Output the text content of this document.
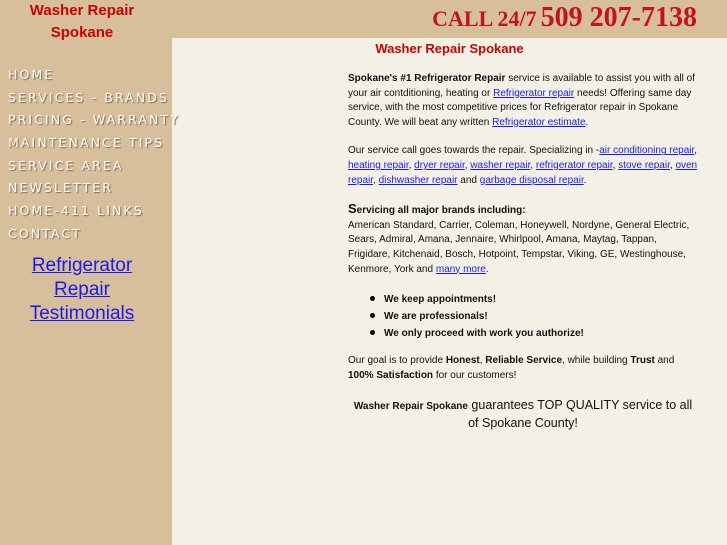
Washer Repair
Spokane
CALL 24/7 509 207-7138
HOME
SERVICES - BRANDS
PRICING - WARRANTY
MAINTENANCE TIPS
SERVICE AREA
NEWSLETTER
HOME-411 LINKS
CONTACT
Refrigerator
Repair
Testimonials
Washer Repair Spokane

Spokane's #1 Refrigerator Repair service is available to assist you with all of your air contditioning, heating or Refrigerator repair needs! Offering same day service, with the most competitive prices for Refrigerator repair in Spokane County. We will beat any written Refrigerator estimate.

Our service call goes towards the repair. Specializing in -air conditioning repair, heating repair, dryer repair, washer repair, refrigerator repair, stove repair, oven repair, dishwasher repair and garbage disposal repair.

Servicing all major brands including:
American Standard, Carrier, Coleman, Honeywell, Nordyne, General Electric, Sears, Admiral, Amana, Jennaire, Whirlpool, Amana, Maytag, Tappan, Frigidare, Kitchenaid, Bosch, Hotpoint, Tempstar, Viking, GE, Westinghouse, Kenmore, York and many more.

We keep appointments!
We are professionals!
We only proceed with work you authorize!

Our goal is to provide Honest, Reliable Service, while building Trust and 100% Satisfaction for our customers!

Washer Repair Spokane guarantees TOP QUALITY service to all of Spokane County!
